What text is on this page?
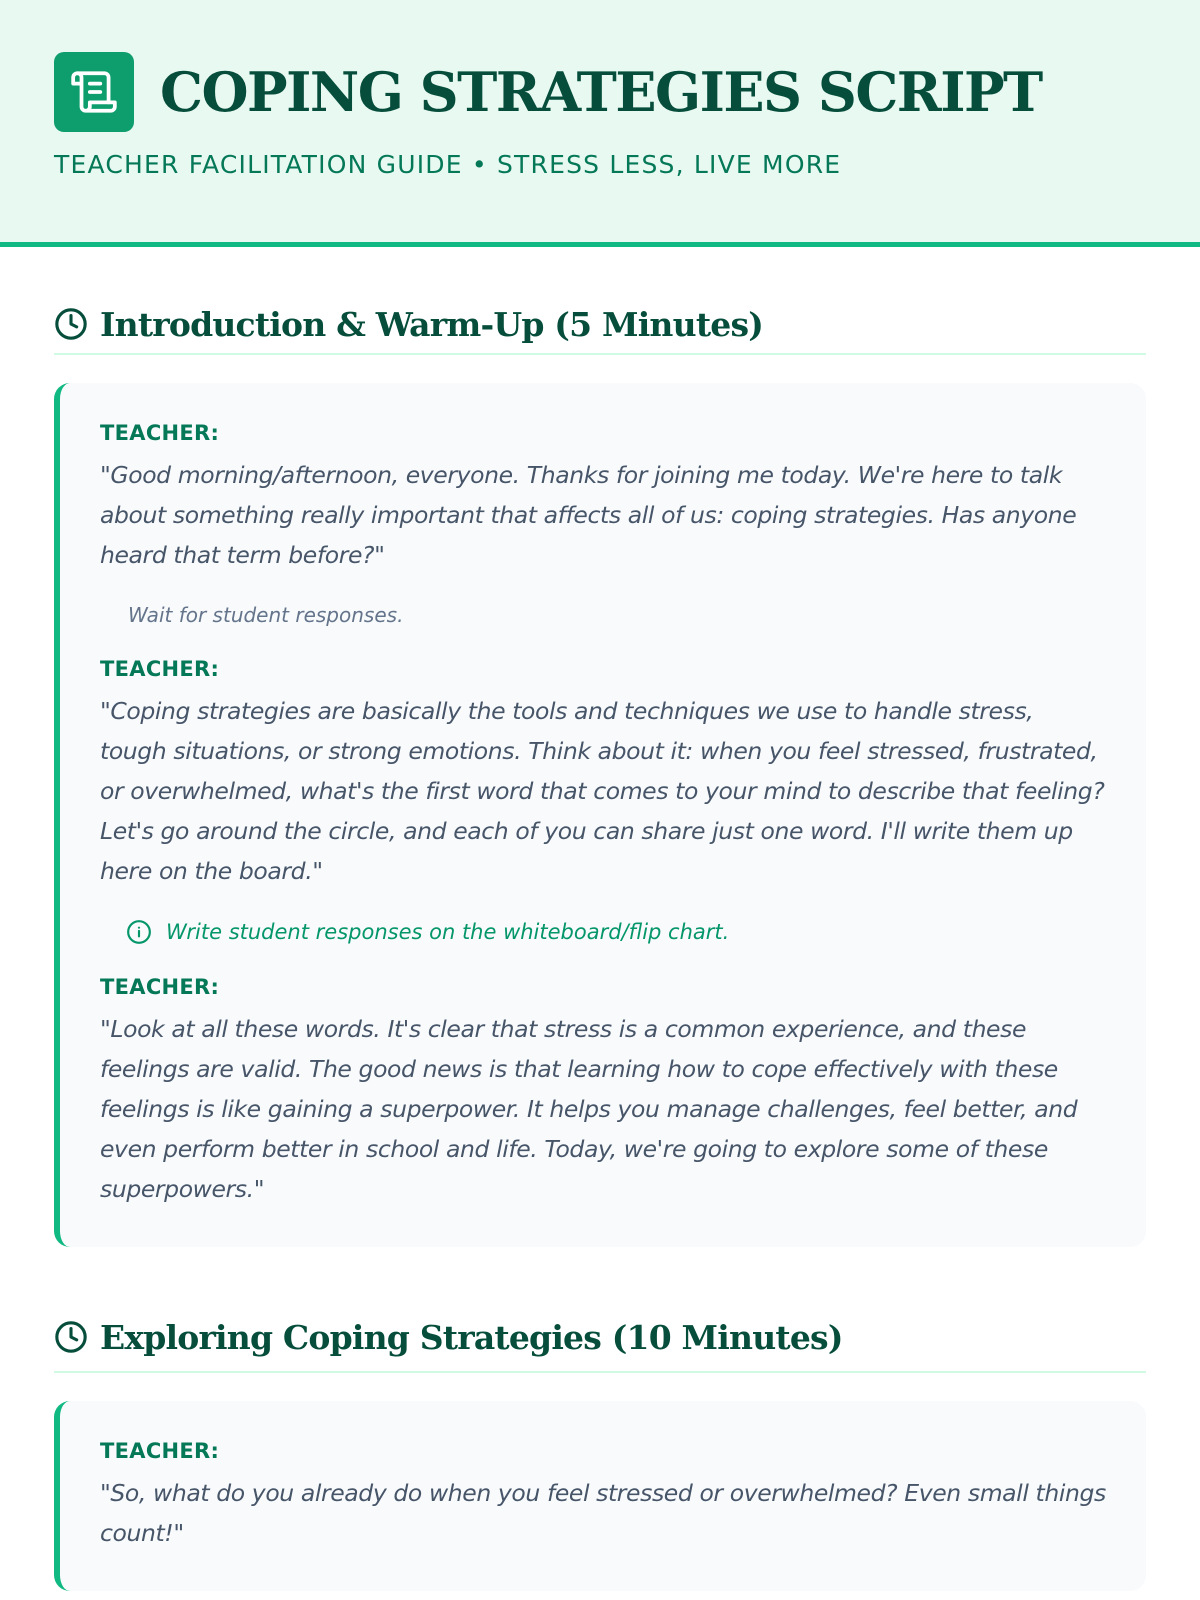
COPING STRATEGIES SCRIPT
TEACHER FACILITATION GUIDE • STRESS LESS, LIVE MORE
Introduction & Warm-Up (5 Minutes)
TEACHER:

"Good morning/afternoon, everyone. Thanks for joining me today. We're here to talk about something really important that affects all of us: coping strategies. Has anyone heard that term before?"

Wait for student responses.

TEACHER:

"Coping strategies are basically the tools and techniques we use to handle stress, tough situations, or strong emotions. Think about it: when you feel stressed, frustrated, or overwhelmed, what's the first word that comes to your mind to describe that feeling? Let's go around the circle, and each of you can share just one word. I'll write them up here on the board."

Write student responses on the whiteboard/flip chart.
TEACHER:

"Look at all these words. It's clear that stress is a common experience, and these feelings are valid. The good news is that learning how to cope effectively with these feelings is like gaining a superpower. It helps you manage challenges, feel better, and even perform better in school and life. Today, we're going to explore some of these superpowers."

Exploring Coping Strategies (10 Minutes)
TEACHER:

"So, what do you already do when you feel stressed or overwhelmed? Even small things count!"
